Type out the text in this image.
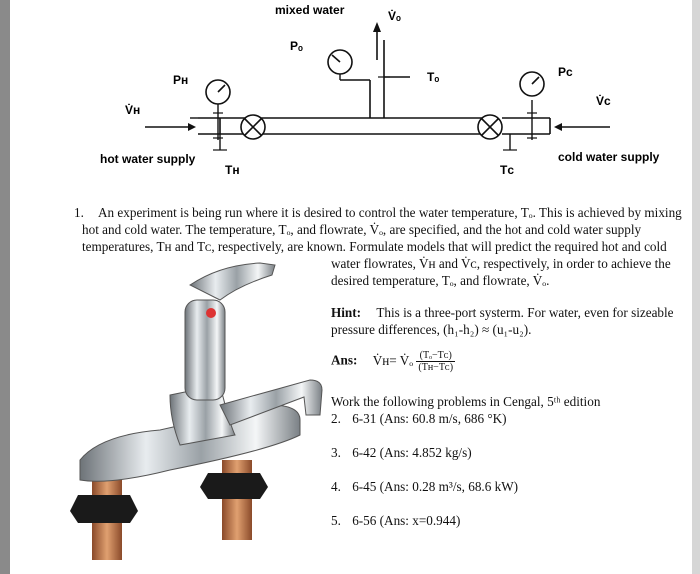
mixed water	V̇ₒ
Pₒ
Tₒ
Pʜ
V̇ʜ
Tʜ
hot water supply
Pᴄ
V̇ᴄ
Tᴄ
cold water supply
1. An experiment is being run where it is desired to control the water temperature, Tₒ. This is achieved by mixing
hot and cold water. The temperature, Tₒ, and flowrate, V̇ₒ, are specified, and the hot and cold water supply
temperatures, Tʜ and Tᴄ, respectively, are known. Formulate models that will predict the required hot and cold
water flowrates, V̇ʜ and V̇ᴄ, respectively, in order to achieve the
desired temperature, Tₒ, and flowrate, V̇ₒ.
Hint: This is a three-port systerm. For water, even for sizeable
pressure differences, (h₁-h₂) ≈ (u₁-u₂).
Ans: V̇ʜ= V̇ₒ $\frac{\text{(Tₒ−Tᴄ)}}{\text{(Tʜ−Tᴄ)}}$
Work the following problems in Cengal, 5ᵗʰ edition
2. 6-31 (Ans: 60.8 m/s, 686 °K)
3. 6-42 (Ans: 4.852 kg/s)
4. 6-45 (Ans: 0.28 m³/s, 68.6 kW)
5. 6-56 (Ans: x=0.944)
